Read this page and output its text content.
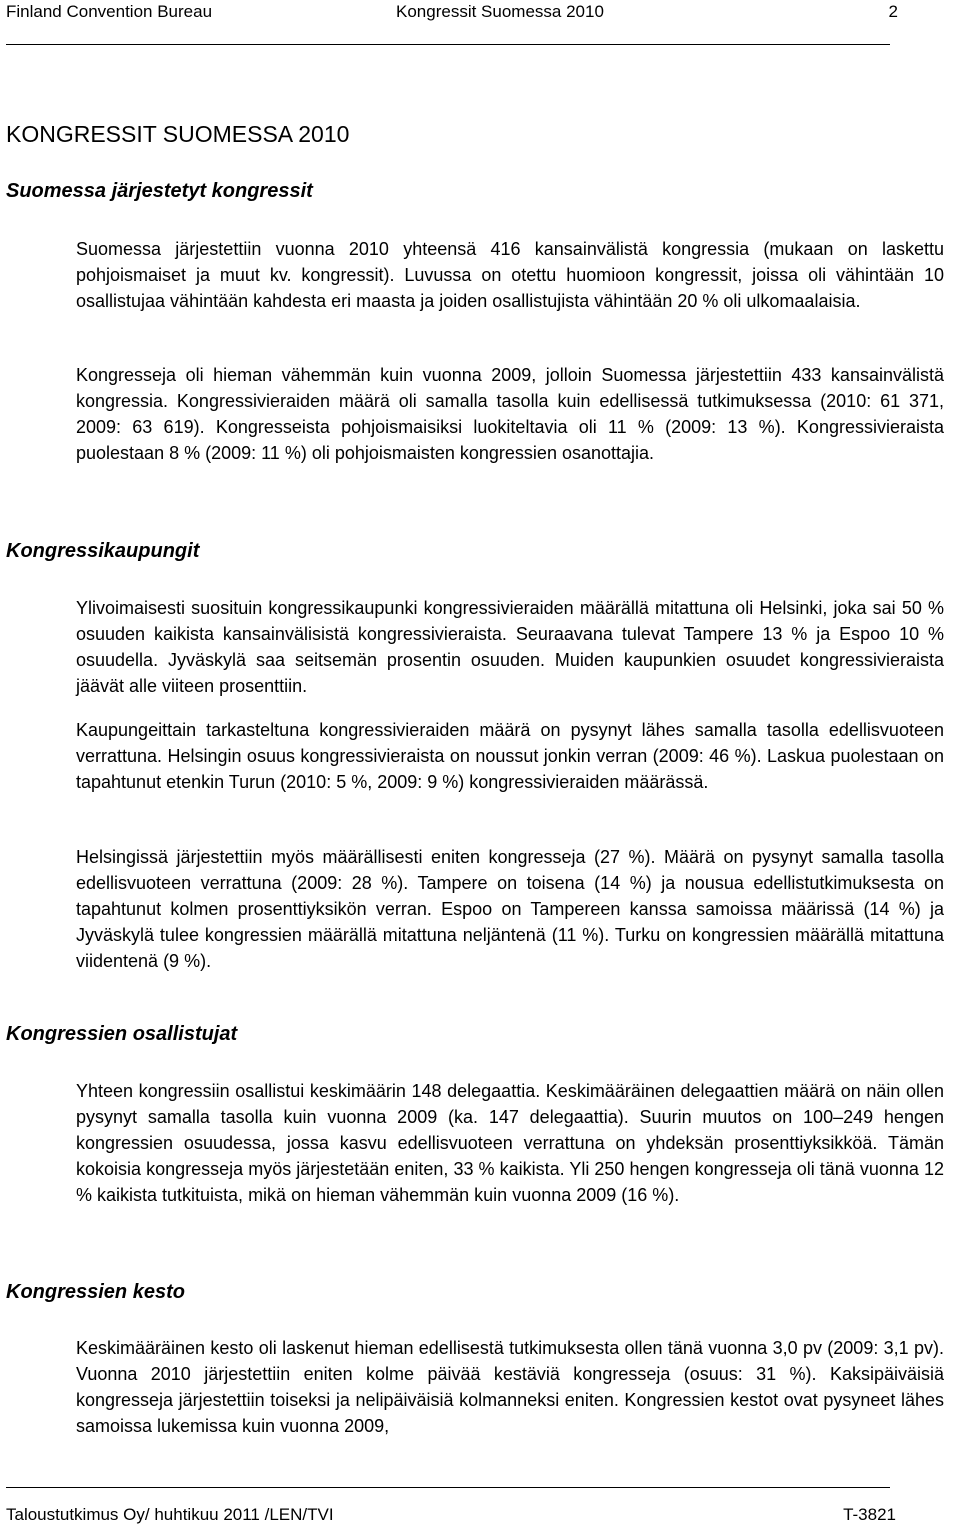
Finland Convention Bureau	Kongressit Suomessa 2010	2
KONGRESSIT SUOMESSA 2010
Suomessa järjestetyt kongressit

Suomessa järjestettiin vuonna 2010 yhteensä 416 kansainvälistä kongressia (mukaan on laskettu pohjoismaiset ja muut kv. kongressit). Luvussa on otettu huomioon kongressit, joissa oli vähintään 10 osallistujaa vähintään kahdesta eri maasta ja joiden osallistujista vähintään 20 % oli ulkomaalaisia.

Kongresseja oli hieman vähemmän kuin vuonna 2009, jolloin Suomessa järjestettiin 433 kansainvälistä kongressia. Kongressivieraiden määrä oli samalla tasolla kuin edellisessä tutkimuksessa (2010: 61 371, 2009: 63 619). Kongresseista pohjoismaisiksi luokiteltavia oli 11 % (2009: 13 %). Kongressivieraista puolestaan 8 % (2009: 11 %) oli pohjoismaisten kongressien osanottajia.

Kongressikaupungit

Ylivoimaisesti suosituin kongressikaupunki kongressivieraiden määrällä mitattuna oli Helsinki, joka sai 50 % osuuden kaikista kansainvälisistä kongressivieraista. Seuraavana tulevat Tampere 13 % ja Espoo 10 % osuudella. Jyväskylä saa seitsemän prosentin osuuden. Muiden kaupunkien osuudet kongressivieraista jäävät alle viiteen prosenttiin.

Kaupungeittain tarkasteltuna kongressivieraiden määrä on pysynyt lähes samalla tasolla edellisvuoteen verrattuna. Helsingin osuus kongressivieraista on noussut jonkin verran (2009: 46 %). Laskua puolestaan on tapahtunut etenkin Turun (2010: 5 %, 2009: 9 %) kongressivieraiden määrässä.

Helsingissä järjestettiin myös määrällisesti eniten kongresseja (27 %). Määrä on pysynyt samalla tasolla edellisvuoteen verrattuna (2009: 28 %). Tampere on toisena (14 %) ja nousua edellistutkimuksesta on tapahtunut kolmen prosenttiyksikön verran. Espoo on Tampereen kanssa samoissa määrissä (14 %) ja Jyväskylä tulee kongressien määrällä mitattuna neljäntenä (11 %). Turku on kongressien määrällä mitattuna viidentenä (9 %).

Kongressien osallistujat

Yhteen kongressiin osallistui keskimäärin 148 delegaattia. Keskimääräinen delegaattien määrä on näin ollen pysynyt samalla tasolla kuin vuonna 2009 (ka. 147 delegaattia). Suurin muutos on 100–249 hengen kongressien osuudessa, jossa kasvu edellisvuoteen verrattuna on yhdeksän prosenttiyksikköä. Tämän kokoisia kongresseja myös järjestetään eniten, 33 % kaikista. Yli 250 hengen kongresseja oli tänä vuonna 12 % kaikista tutkituista, mikä on hieman vähemmän kuin vuonna 2009 (16 %).

Kongressien kesto

Keskimääräinen kesto oli laskenut hieman edellisestä tutkimuksesta ollen tänä vuonna 3,0 pv (2009: 3,1 pv). Vuonna 2010 järjestettiin eniten kolme päivää kestäviä kongresseja (osuus: 31 %). Kaksipäiväisiä kongresseja järjestettiin toiseksi ja nelipäiväisiä kolmanneksi eniten. Kongressien kestot ovat pysyneet lähes samoissa lukemissa kuin vuonna 2009,

Taloustutkimus Oy/ huhtikuu 2011 /LEN/TVI	T-3821
